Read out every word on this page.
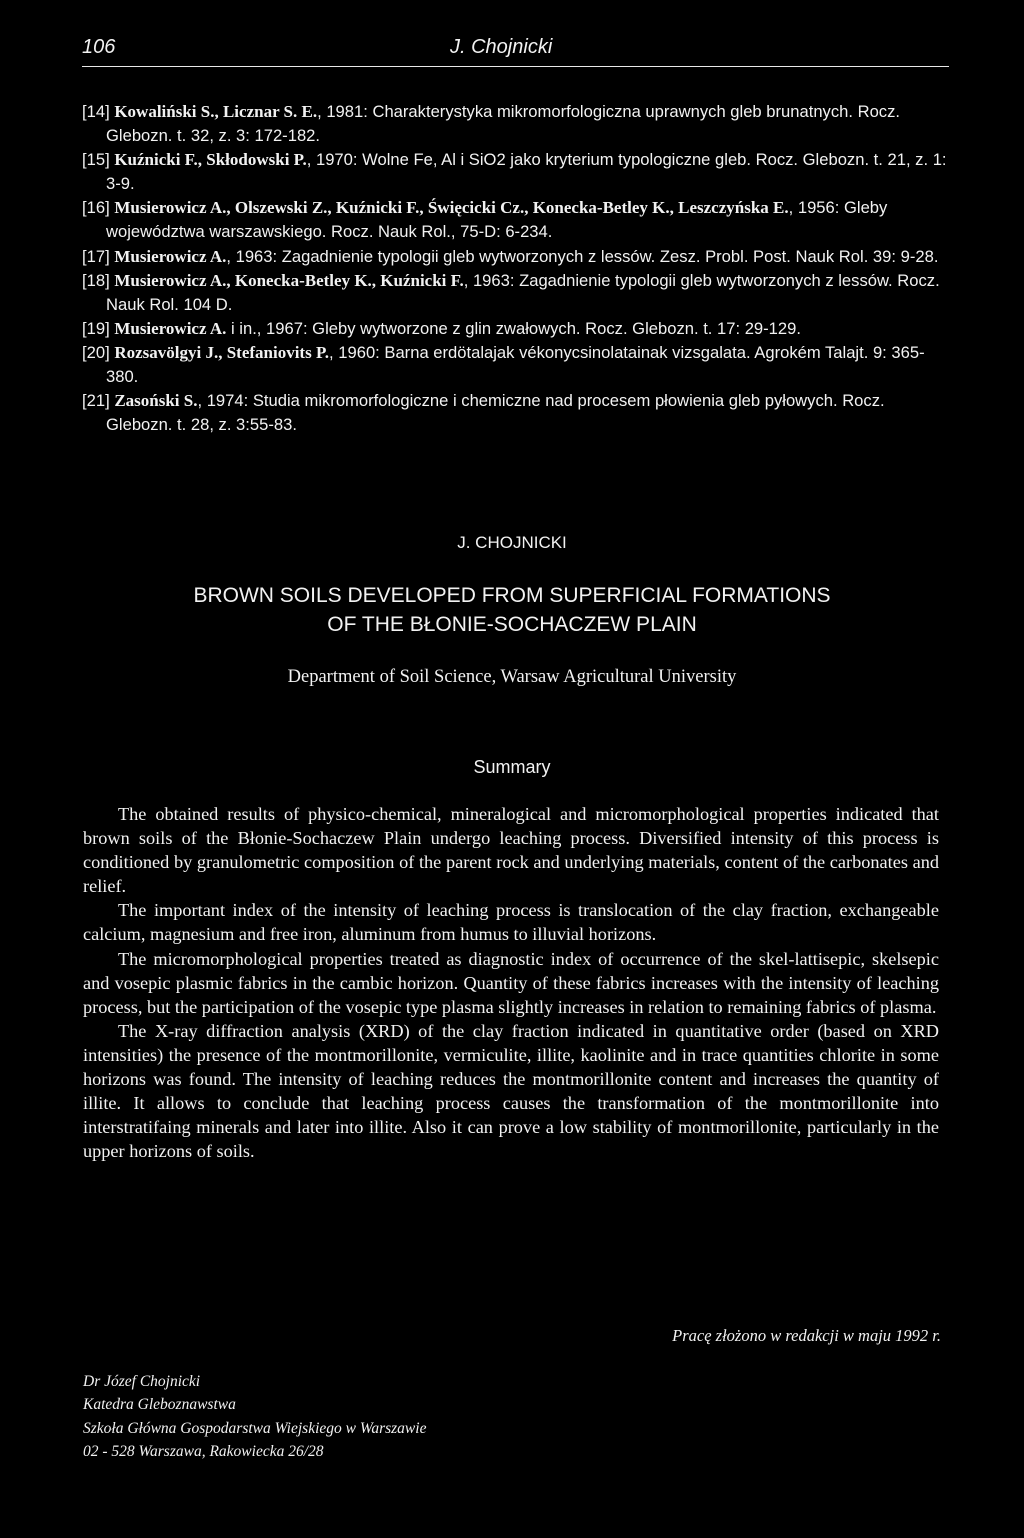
106	J. Chojnicki

[14] Kowaliński S., Licznar S. E., 1981: Charakterystyka mikromorfologiczna uprawnych gleb brunatnych. Rocz. Glebozn. t. 32, z. 3: 172-182.

[15] Kuźnicki F., Skłodowski P., 1970: Wolne Fe, Al i SiO2 jako kryterium typologiczne gleb. Rocz. Glebozn. t. 21, z. 1: 3-9.

[16] Musierowicz A., Olszewski Z., Kuźnicki F., Święcicki Cz., Konecka-Betley K., Leszczyńska E., 1956: Gleby województwa warszawskiego. Rocz. Nauk Rol., 75-D: 6-234.

[17] Musierowicz A., 1963: Zagadnienie typologii gleb wytworzonych z lessów. Zesz. Probl. Post. Nauk Rol. 39: 9-28.

[18] Musierowicz A., Konecka-Betley K., Kuźnicki F., 1963: Zagadnienie typologii gleb wytworzonych z lessów. Rocz. Nauk Rol. 104 D.

[19] Musierowicz A. i in., 1967: Gleby wytworzone z glin zwałowych. Rocz. Glebozn. t. 17: 29-129.

[20] Rozsavölgyi J., Stefaniovits P., 1960: Barna erdötalajak vékonycsinolatainak vizsgalata. Agrokém Talajt. 9: 365-380.

[21] Zasoński S., 1974: Studia mikromorfologiczne i chemiczne nad procesem płowienia gleb pyłowych. Rocz. Glebozn. t. 28, z. 3:55-83.

J. CHOJNICKI
BROWN SOILS DEVELOPED FROM SUPERFICIAL FORMATIONS
OF THE BŁONIE-SOCHACZEW PLAIN
Department of Soil Science, Warsaw Agricultural University
Summary

The obtained results of physico-chemical, mineralogical and micromorphological properties indicated that brown soils of the Błonie-Sochaczew Plain undergo leaching process. Diversified intensity of this process is conditioned by granulometric composition of the parent rock and underlying materials, content of the carbonates and relief.

The important index of the intensity of leaching process is translocation of the clay fraction, exchangeable calcium, magnesium and free iron, aluminum from humus to illuvial horizons.

The micromorphological properties treated as diagnostic index of occurrence of the skel-lattisepic, skelsepic and vosepic plasmic fabrics in the cambic horizon. Quantity of these fabrics increases with the intensity of leaching process, but the participation of the vosepic type plasma slightly increases in relation to remaining fabrics of plasma.

The X-ray diffraction analysis (XRD) of the clay fraction indicated in quantitative order (based on XRD intensities) the presence of the montmorillonite, vermiculite, illite, kaolinite and in trace quantities chlorite in some horizons was found. The intensity of leaching reduces the montmorillonite content and increases the quantity of illite. It allows to conclude that leaching process causes the transformation of the montmorillonite into interstratifaing minerals and later into illite. Also it can prove a low stability of montmorillonite, particularly in the upper horizons of soils.

Pracę złożono w redakcji w maju 1992 r.
Dr Józef Chojnicki
Katedra Gleboznawstwa
Szkoła Główna Gospodarstwa Wiejskiego w Warszawie
02 - 528 Warszawa, Rakowiecka 26/28
